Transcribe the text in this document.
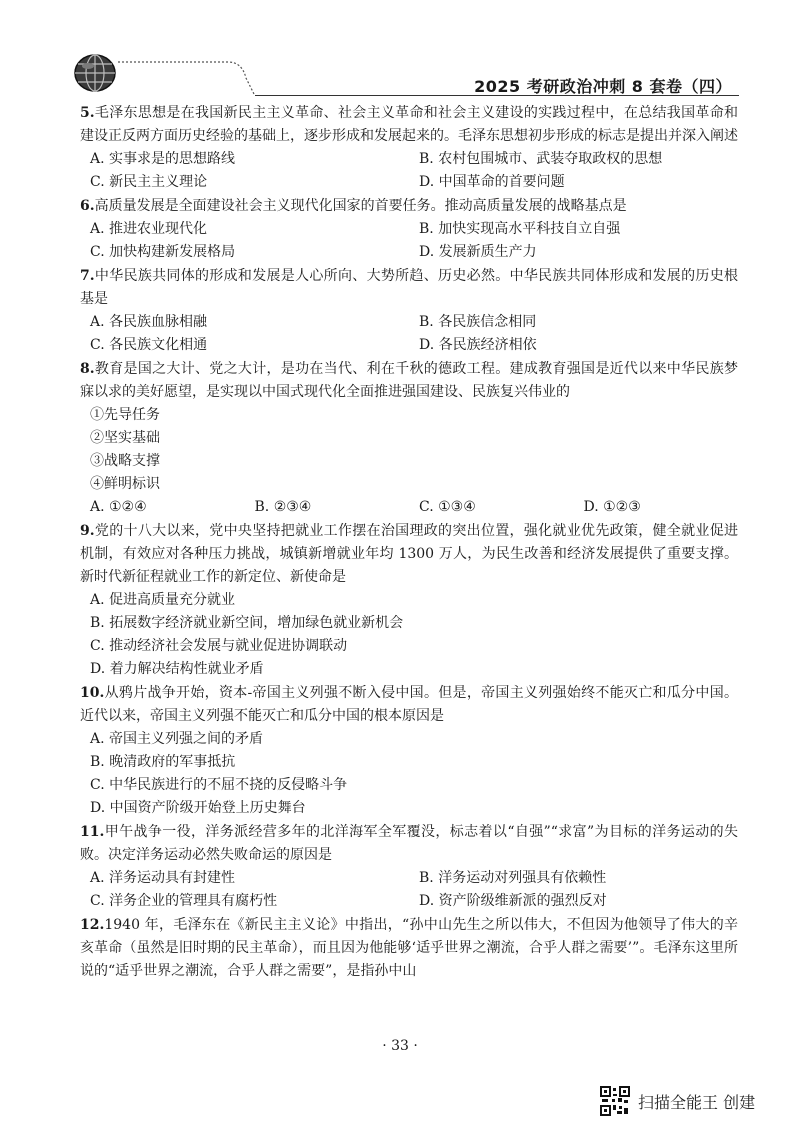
2025 考研政治冲刺 8 套卷（四）

5.毛泽东思想是在我国新民主主义革命、社会主义革命和社会主义建设的实践过程中，在总结我国革命和建设正反两方面历史经验的基础上，逐步形成和发展起来的。毛泽东思想初步形成的标志是提出并深入阐述

A. 实事求是的思想路线	B. 农村包围城市、武装夺取政权的思想
C. 新民主主义理论	D. 中国革命的首要问题

6.高质量发展是全面建设社会主义现代化国家的首要任务。推动高质量发展的战略基点是

A. 推进农业现代化	B. 加快实现高水平科技自立自强
C. 加快构建新发展格局	D. 发展新质生产力

7.中华民族共同体的形成和发展是人心所向、大势所趋、历史必然。中华民族共同体形成和发展的历史根基是

A. 各民族血脉相融	B. 各民族信念相同
C. 各民族文化相通	D. 各民族经济相依

8.教育是国之大计、党之大计，是功在当代、利在千秋的德政工程。建成教育强国是近代以来中华民族梦寐以求的美好愿望，是实现以中国式现代化全面推进强国建设、民族复兴伟业的

①先导任务
②坚实基础
③战略支撑
④鲜明标识
A. ①②④	B. ②③④	C. ①③④	D. ①②③

9.党的十八大以来，党中央坚持把就业工作摆在治国理政的突出位置，强化就业优先政策，健全就业促进机制，有效应对各种压力挑战，城镇新增就业年均 1300 万人，为民生改善和经济发展提供了重要支撑。新时代新征程就业工作的新定位、新使命是

A. 促进高质量充分就业
B. 拓展数字经济就业新空间，增加绿色就业新机会
C. 推动经济社会发展与就业促进协调联动
D. 着力解决结构性就业矛盾

10.从鸦片战争开始，资本-帝国主义列强不断入侵中国。但是，帝国主义列强始终不能灭亡和瓜分中国。近代以来，帝国主义列强不能灭亡和瓜分中国的根本原因是

A. 帝国主义列强之间的矛盾
B. 晚清政府的军事抵抗
C. 中华民族进行的不屈不挠的反侵略斗争
D. 中国资产阶级开始登上历史舞台

11.甲午战争一役，洋务派经营多年的北洋海军全军覆没，标志着以“自强”“求富”为目标的洋务运动的失败。决定洋务运动必然失败命运的原因是

A. 洋务运动具有封建性	B. 洋务运动对列强具有依赖性
C. 洋务企业的管理具有腐朽性	D. 资产阶级维新派的强烈反对

12.1940 年，毛泽东在《新民主主义论》中指出，“孙中山先生之所以伟大，不但因为他领导了伟大的辛亥革命（虽然是旧时期的民主革命），而且因为他能够‘适乎世界之潮流，合乎人群之需要’”。毛泽东这里所说的“适乎世界之潮流，合乎人群之需要”，是指孙中山

· 33 ·
扫描全能王 创建
